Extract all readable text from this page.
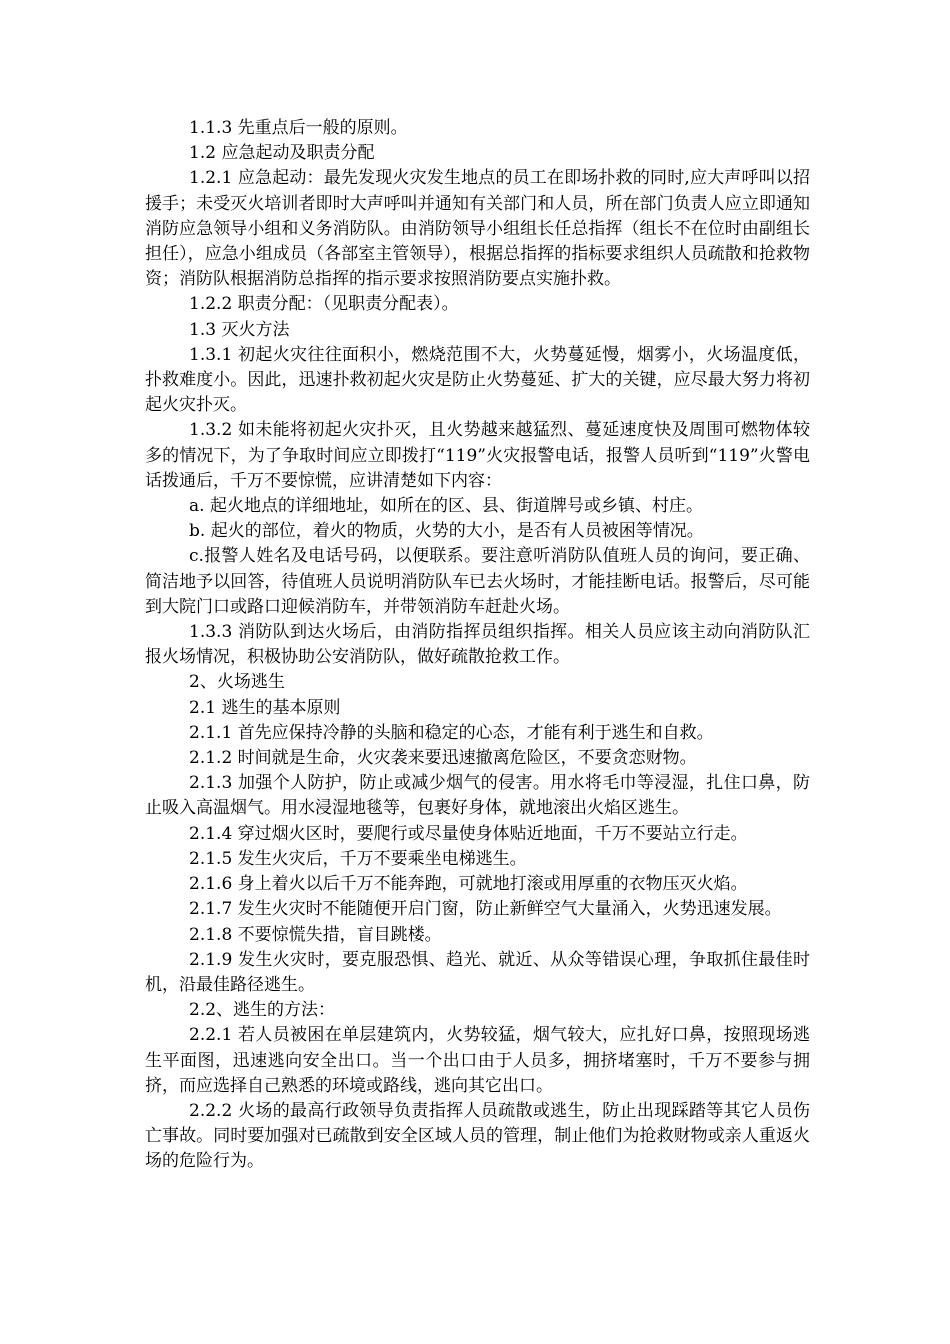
1.1.3 先重点后一般的原则。

1.2 应急起动及职责分配

1.2.1 应急起动：最先发现火灾发生地点的员工在即场扑救的同时,应大声呼叫以招援手；未受灭火培训者即时大声呼叫并通知有关部门和人员，所在部门负责人应立即通知消防应急领导小组和义务消防队。由消防领导小组组长任总指挥（组长不在位时由副组长担任），应急小组成员（各部室主管领导），根据总指挥的指标要求组织人员疏散和抢救物资；消防队根据消防总指挥的指示要求按照消防要点实施扑救。

1.2.2 职责分配：（见职责分配表）。

1.3 灭火方法

1.3.1 初起火灾往往面积小，燃烧范围不大，火势蔓延慢，烟雾小，火场温度低，扑救难度小。因此，迅速扑救初起火灾是防止火势蔓延、扩大的关键，应尽最大努力将初起火灾扑灭。

1.3.2 如未能将初起火灾扑灭，且火势越来越猛烈、蔓延速度快及周围可燃物体较多的情况下，为了争取时间应立即拨打“119”火灾报警电话，报警人员听到“119”火警电话拨通后，千万不要惊慌，应讲清楚如下内容：

a. 起火地点的详细地址，如所在的区、县、街道牌号或乡镇、村庄。

b. 起火的部位，着火的物质，火势的大小，是否有人员被困等情况。

c.报警人姓名及电话号码，以便联系。要注意听消防队值班人员的询问，要正确、简洁地予以回答，待值班人员说明消防队车已去火场时，才能挂断电话。报警后，尽可能到大院门口或路口迎候消防车，并带领消防车赶赴火场。

1.3.3 消防队到达火场后，由消防指挥员组织指挥。相关人员应该主动向消防队汇报火场情况，积极协助公安消防队，做好疏散抢救工作。

2、火场逃生

2.1 逃生的基本原则

2.1.1 首先应保持冷静的头脑和稳定的心态，才能有利于逃生和自救。

2.1.2 时间就是生命，火灾袭来要迅速撤离危险区，不要贪恋财物。

2.1.3 加强个人防护，防止或减少烟气的侵害。用水将毛巾等浸湿，扎住口鼻，防止吸入高温烟气。用水浸湿地毯等，包裹好身体，就地滚出火焰区逃生。

2.1.4 穿过烟火区时，要爬行或尽量使身体贴近地面，千万不要站立行走。

2.1.5 发生火灾后，千万不要乘坐电梯逃生。

2.1.6 身上着火以后千万不能奔跑，可就地打滚或用厚重的衣物压灭火焰。

2.1.7 发生火灾时不能随便开启门窗，防止新鲜空气大量涌入，火势迅速发展。

2.1.8 不要惊慌失措，盲目跳楼。

2.1.9 发生火灾时，要克服恐惧、趋光、就近、从众等错误心理，争取抓住最佳时机，沿最佳路径逃生。

2.2、逃生的方法：

2.2.1 若人员被困在单层建筑内，火势较猛，烟气较大，应扎好口鼻，按照现场逃生平面图，迅速逃向安全出口。当一个出口由于人员多，拥挤堵塞时，千万不要参与拥挤，而应选择自己熟悉的环境或路线，逃向其它出口。

2.2.2 火场的最高行政领导负责指挥人员疏散或逃生，防止出现踩踏等其它人员伤亡事故。同时要加强对已疏散到安全区域人员的管理，制止他们为抢救财物或亲人重返火场的危险行为。
